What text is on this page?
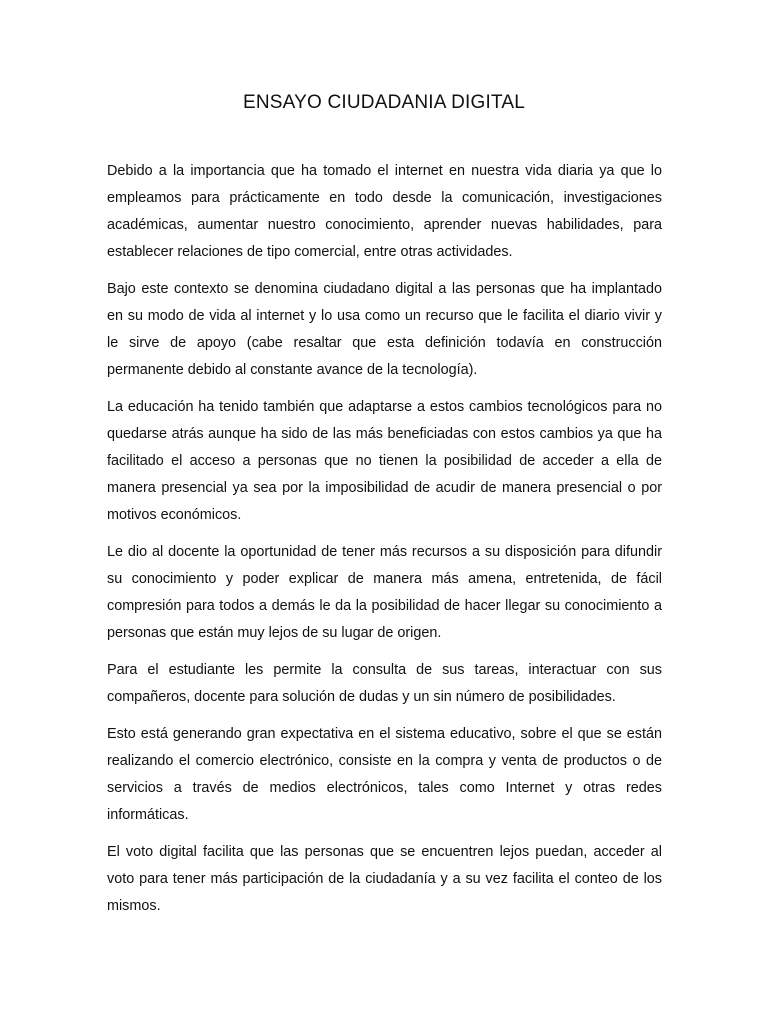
ENSAYO CIUDADANIA DIGITAL

Debido a la importancia que ha tomado el internet en nuestra vida diaria ya que lo empleamos para prácticamente en todo desde la comunicación, investigaciones académicas, aumentar nuestro conocimiento, aprender nuevas habilidades, para establecer relaciones de tipo comercial, entre otras actividades.

Bajo este contexto se denomina ciudadano digital a las personas que ha implantado en su modo de vida al internet y lo usa como un recurso que le facilita el diario vivir y le sirve de apoyo (cabe resaltar que esta definición todavía en construcción permanente debido al constante avance de la tecnología).

La educación ha tenido también que adaptarse a estos cambios tecnológicos para no quedarse atrás aunque ha sido de las más beneficiadas con estos cambios ya que ha facilitado el acceso a personas que no tienen la posibilidad de acceder a ella de manera presencial ya sea por la imposibilidad de acudir de manera presencial o por motivos económicos.

Le dio al docente la oportunidad de tener más recursos a su disposición para difundir su conocimiento y poder explicar de manera más amena, entretenida, de fácil compresión para todos a demás le da la posibilidad de hacer llegar su conocimiento a personas que están muy lejos de su lugar de origen.

Para el estudiante les permite la consulta de sus tareas, interactuar con sus compañeros, docente para solución de dudas y un sin número de posibilidades.

Esto está generando gran expectativa en el sistema educativo, sobre el que se están realizando el comercio electrónico, consiste en la compra y venta de productos o de servicios a través de medios electrónicos, tales como Internet y otras redes informáticas.

El voto digital facilita que las personas que se encuentren lejos puedan, acceder al voto para tener más participación de la ciudadanía y a su vez facilita el conteo de los mismos.
